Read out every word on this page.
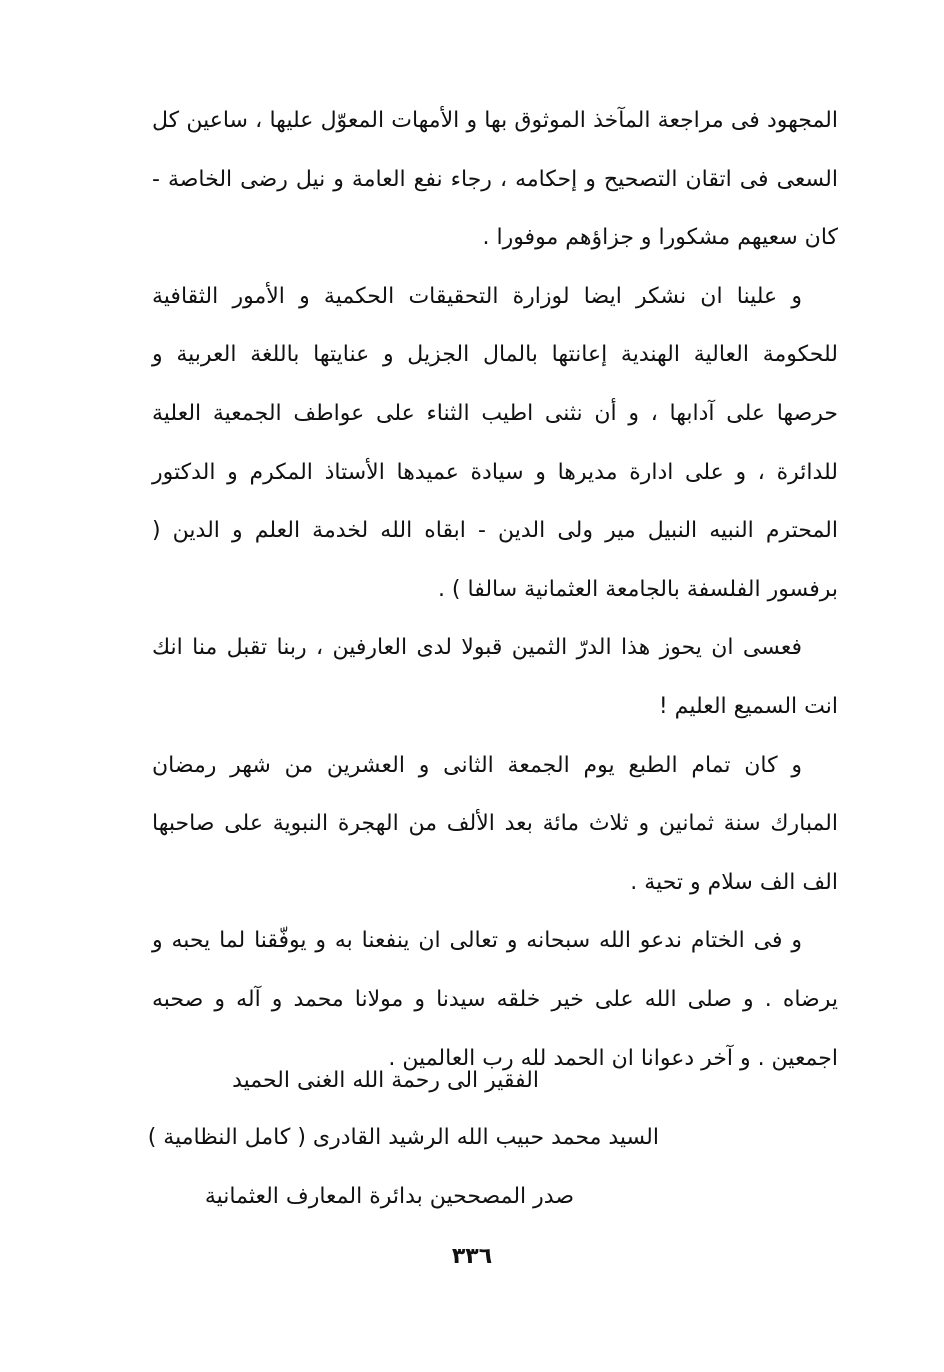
المجهود فى مراجعة المآخذ الموثوق بها و الأمهات المعوّل عليها ، ساعين كل السعى فى اتقان التصحيح و إحكامه ، رجاء نفع العامة و نيل رضى الخاصة - كان سعيهم مشكورا و جزاؤهم موفورا .

و علينا ان نشكر ايضا لوزارة التحقيقات الحكمية و الأمور الثقافية للحكومة العالية الهندية إعانتها بالمال الجزيل و عنايتها باللغة العربية و حرصها على آدابها ، و أن نثنى اطيب الثناء على عواطف الجمعية العلية للدائرة ، و على ادارة مديرها و سيادة عميدها الأستاذ المكرم و الدكتور المحترم النبيه النبيل مير ولى الدين - ابقاه الله لخدمة العلم و الدين ( برفسور الفلسفة بالجامعة العثمانية سالفا ) .

فعسى ان يحوز هذا الدرّ الثمين قبولا لدى العارفين ، ربنا تقبل منا انك انت السميع العليم !

و كان تمام الطبع يوم الجمعة الثانى و العشرين من شهر رمضان المبارك سنة ثمانين و ثلاث مائة بعد الألف من الهجرة النبوية على صاحبها الف الف سلام و تحية .

و فى الختام ندعو الله سبحانه و تعالى ان ينفعنا به و يوفّقنا لما يحبه و يرضاه . و صلى الله على خير خلقه سيدنا و مولانا محمد و آله و صحبه اجمعين . و آخر دعوانا ان الحمد لله رب العالمين .

الفقير الى رحمة الله الغنى الحميد
السيد محمد حبيب الله الرشيد القادرى ( كامل النظامية )
صدر المصححين بدائرة المعارف العثمانية
٣٣٦
